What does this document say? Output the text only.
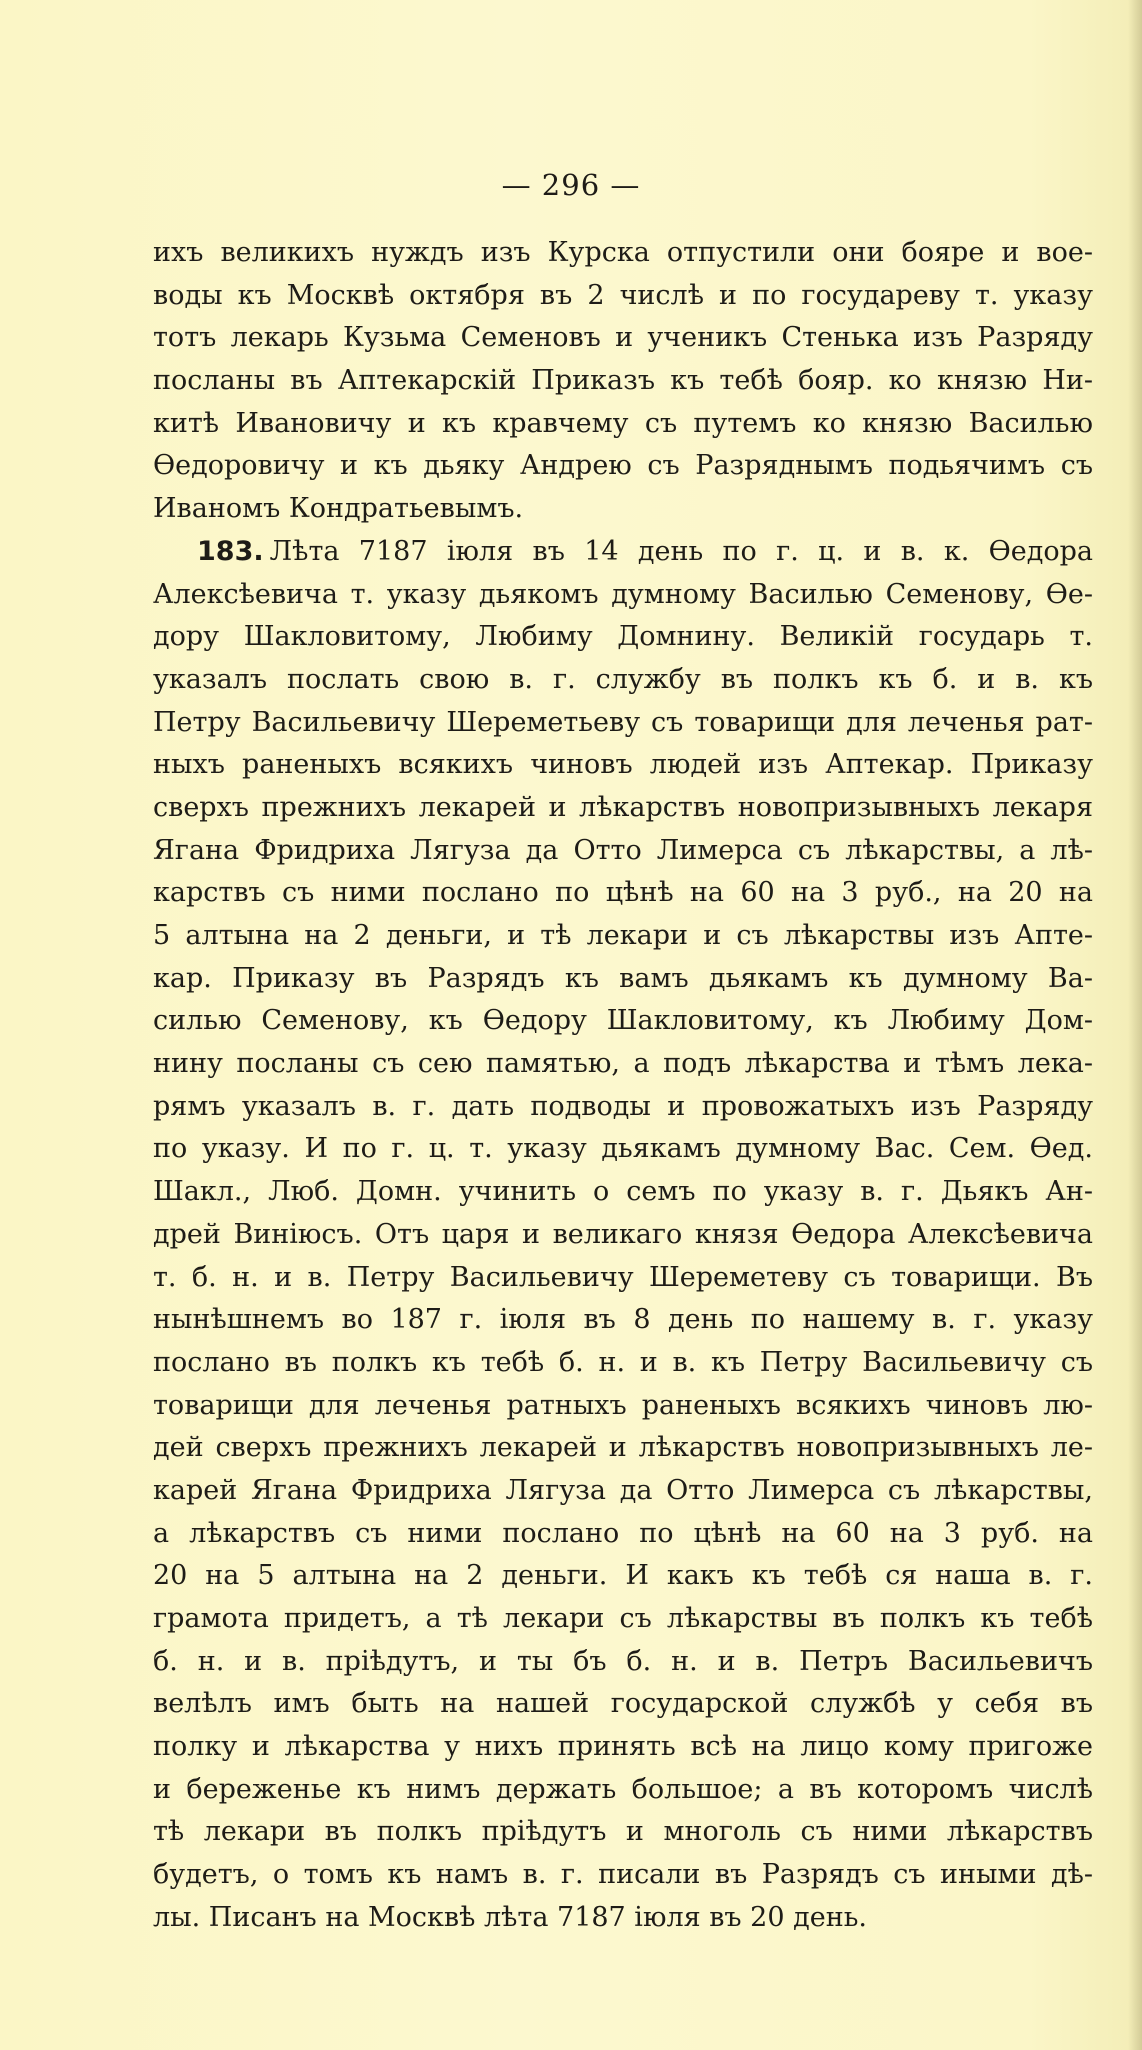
— 296 —
ихъ великихъ нуждъ изъ Курска отпустили они бояре и вое-
воды къ Москвѣ октября въ 2 числѣ и по государеву т. указу
тотъ лекарь Кузьма Семеновъ и ученикъ Стенька изъ Разряду
посланы въ Аптекарскій Приказъ къ тебѣ бояр. ко князю Ни-
китѣ Ивановичу и къ кравчему съ путемъ ко князю Василью
Ѳедоровичу и къ дьяку Андрею съ Разряднымъ подьячимъ съ
Иваномъ Кондратьевымъ.
183. Лѣта 7187 іюля въ 14 день по г. ц. и в. к. Ѳедора
Алексѣевича т. указу дьякомъ думному Василью Семенову, Ѳе-
дору Шакловитому, Любиму Домнину. Великій государь т.
указалъ послать свою в. г. службу въ полкъ къ б. и в. къ
Петру Васильевичу Шереметьеву съ товарищи для леченья рат-
ныхъ раненыхъ всякихъ чиновъ людей изъ Аптекар. Приказу
сверхъ прежнихъ лекарей и лѣкарствъ новопризывныхъ лекаря
Ягана Фридриха Лягуза да Отто Лимерса съ лѣкарствы, а лѣ-
карствъ съ ними послано по цѣнѣ на 60 на 3 руб., на 20 на
5 алтына на 2 деньги, и тѣ лекари и съ лѣкарствы изъ Апте-
кар. Приказу въ Разрядъ къ вамъ дьякамъ къ думному Ва-
силью Семенову, къ Ѳедору Шакловитому, къ Любиму Дом-
нину посланы съ сею памятью, а подъ лѣкарства и тѣмъ лека-
рямъ указалъ в. г. дать подводы и провожатыхъ изъ Разряду
по указу. И по г. ц. т. указу дьякамъ думному Вас. Сем. Ѳед.
Шакл., Люб. Домн. учинить о семъ по указу в. г. Дьякъ Ан-
дрей Виніюсъ. Отъ царя и великаго князя Ѳедора Алексѣевича
т. б. н. и в. Петру Васильевичу Шереметеву съ товарищи. Въ
нынѣшнемъ во 187 г. іюля въ 8 день по нашему в. г. указу
послано въ полкъ къ тебѣ б. н. и в. къ Петру Васильевичу съ
товарищи для леченья ратныхъ раненыхъ всякихъ чиновъ лю-
дей сверхъ прежнихъ лекарей и лѣкарствъ новопризывныхъ ле-
карей Ягана Фридриха Лягуза да Отто Лимерса съ лѣкарствы,
а лѣкарствъ съ ними послано по цѣнѣ на 60 на 3 руб. на
20 на 5 алтына на 2 деньги. И какъ къ тебѣ ся наша в. г.
грамота придетъ, а тѣ лекари съ лѣкарствы въ полкъ къ тебѣ
б. н. и в. пріѣдутъ, и ты бъ б. н. и в. Петръ Васильевичъ
велѣлъ имъ быть на нашей государской службѣ у себя въ
полку и лѣкарства у нихъ принять всѣ на лицо кому пригоже
и береженье къ нимъ держать большое; а въ которомъ числѣ
тѣ лекари въ полкъ пріѣдутъ и многоль съ ними лѣкарствъ
будетъ, о томъ къ намъ в. г. писали въ Разрядъ съ иными дѣ-
лы. Писанъ на Москвѣ лѣта 7187 іюля въ 20 день.
